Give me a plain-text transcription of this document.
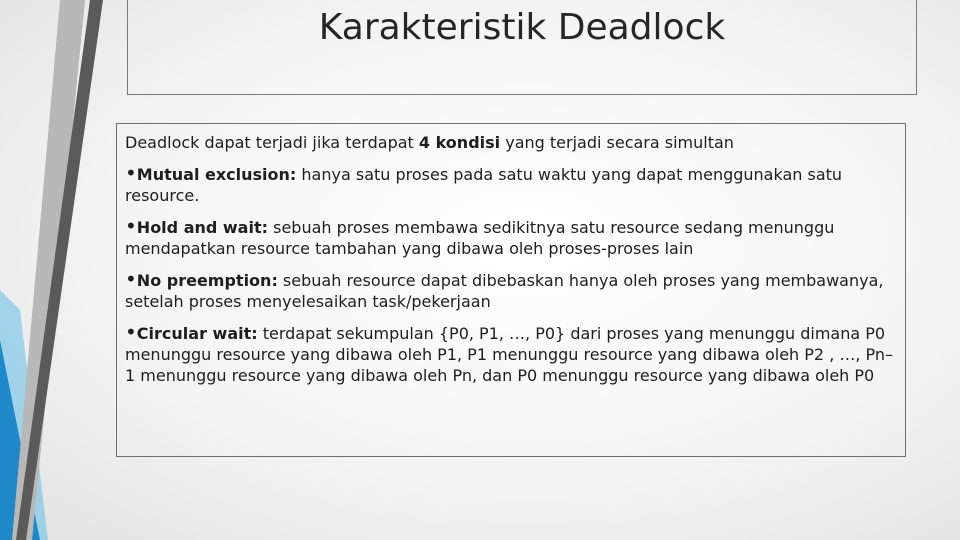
Karakteristik Deadlock

Deadlock dapat terjadi jika terdapat 4 kondisi yang terjadi secara simultan

•Mutual exclusion: hanya satu proses pada satu waktu yang dapat menggunakan satu resource.

•Hold and wait: sebuah proses membawa sedikitnya satu resource sedang menunggu mendapatkan resource tambahan yang dibawa oleh proses-proses lain

•No preemption: sebuah resource dapat dibebaskan hanya oleh proses yang membawanya, setelah proses menyelesaikan task/pekerjaan

•Circular wait: terdapat sekumpulan {P0, P1, …, P0} dari proses yang menunggu dimana P0 menunggu resource yang dibawa oleh P1, P1 menunggu resource yang dibawa oleh P2 , …, Pn–1 menunggu resource yang dibawa oleh Pn, dan P0 menunggu resource yang dibawa oleh P0
